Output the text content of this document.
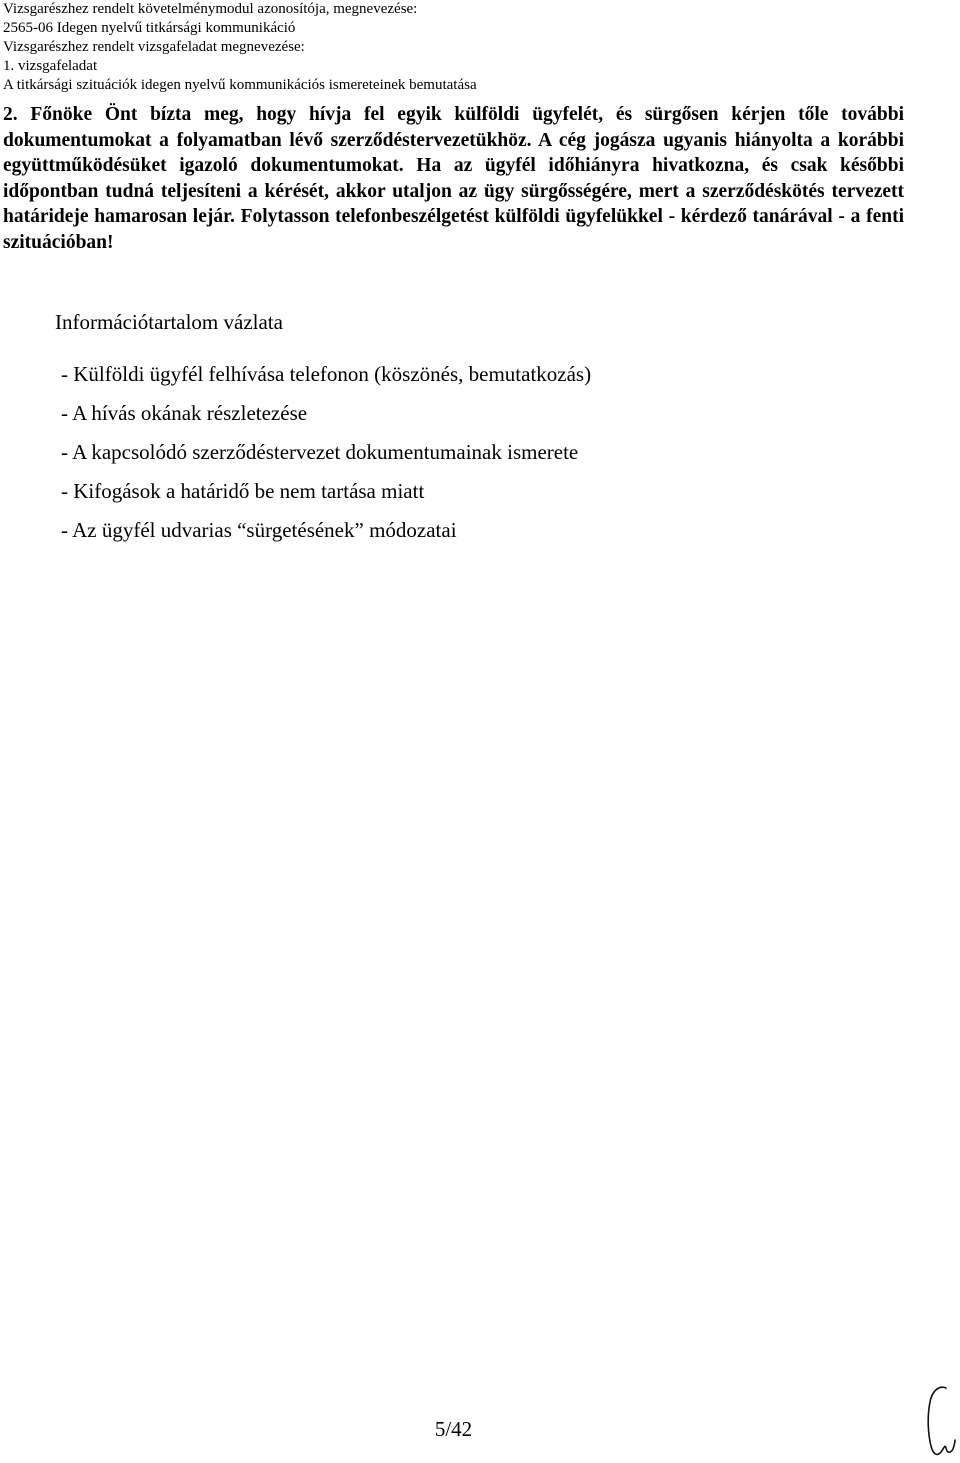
Vizsgarészhez rendelt követelménymodul azonosítója, megnevezése:
2565-06 Idegen nyelvű titkársági kommunikáció
Vizsgarészhez rendelt vizsgafeladat megnevezése:
1. vizsgafeladat
A titkársági szituációk idegen nyelvű kommunikációs ismereteinek bemutatása
2. Főnöke Önt bízta meg, hogy hívja fel egyik külföldi ügyfelét, és sürgősen kérjen tőle további dokumentumokat a folyamatban lévő szerződéstervezetükhöz. A cég jogásza ugyanis hiányolta a korábbi együttműködésüket igazoló dokumentumokat. Ha az ügyfél időhiányra hivatkozna, és csak későbbi időpontban tudná teljesíteni a kérését, akkor utaljon az ügy sürgősségére, mert a szerződéskötés tervezett határideje hamarosan lejár. Folytasson telefonbeszélgetést külföldi ügyfelükkel - kérdező tanárával - a fenti szituációban!
Információtartalom vázlata
- Külföldi ügyfél felhívása telefonon (köszönés, bemutatkozás)
- A hívás okának részletezése
- A kapcsolódó szerződéstervezet dokumentumainak ismerete
- Kifogások a határidő be nem tartása miatt
- Az ügyfél udvarias “sürgetésének” módozatai
5/42
